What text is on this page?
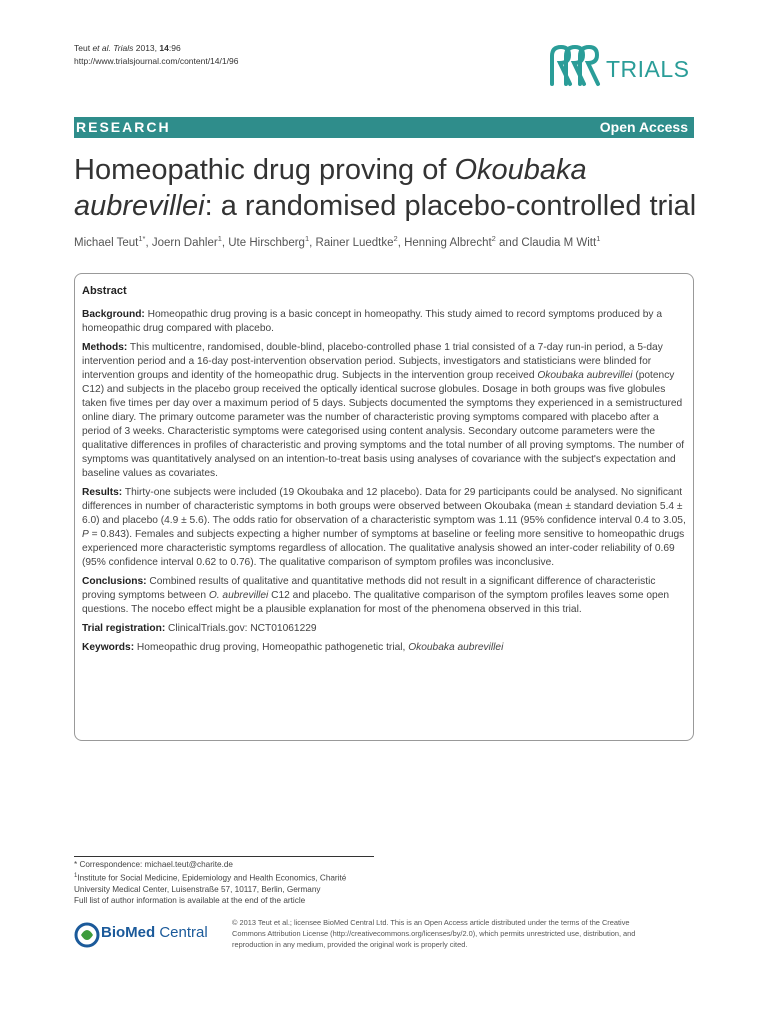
Teut et al. Trials 2013, 14:96
http://www.trialsjournal.com/content/14/1/96	TRIALS
RESEARCH	Open Access
Homeopathic drug proving of Okoubaka aubrevillei: a randomised placebo-controlled trial
Michael Teut$^{1*}$, Joern Dahler$^1$, Ute Hirschberg$^1$, Rainer Luedtke$^2$, Henning Albrecht$^2$ and Claudia M Witt$^1$
Abstract

Background: Homeopathic drug proving is a basic concept in homeopathy. This study aimed to record symptoms produced by a homeopathic drug compared with placebo.

Methods: This multicentre, randomised, double-blind, placebo-controlled phase 1 trial consisted of a 7-day run-in period, a 5-day intervention period and a 16-day post-intervention observation period. Subjects, investigators and statisticians were blinded for intervention groups and identity of the homeopathic drug. Subjects in the intervention group received Okoubaka aubrevillei (potency C12) and subjects in the placebo group received the optically identical sucrose globules. Dosage in both groups was five globules taken five times per day over a maximum period of 5 days. Subjects documented the symptoms they experienced in a semistructured online diary. The primary outcome parameter was the number of characteristic proving symptoms compared with placebo after a period of 3 weeks. Characteristic symptoms were categorised using content analysis. Secondary outcome parameters were the qualitative differences in profiles of characteristic and proving symptoms and the total number of all proving symptoms. The number of symptoms was quantitatively analysed on an intention-to-treat basis using analyses of covariance with the subject's expectation and baseline values as covariates.

Results: Thirty-one subjects were included (19 Okoubaka and 12 placebo). Data for 29 participants could be analysed. No significant differences in number of characteristic symptoms in both groups were observed between Okoubaka (mean ± standard deviation 5.4 ± 6.0) and placebo (4.9 ± 5.6). The odds ratio for observation of a characteristic symptom was 1.11 (95% confidence interval 0.4 to 3.05, P = 0.843). Females and subjects expecting a higher number of symptoms at baseline or feeling more sensitive to homeopathic drugs experienced more characteristic symptoms regardless of allocation. The qualitative analysis showed an inter-coder reliability of 0.69 (95% confidence interval 0.62 to 0.76). The qualitative comparison of symptom profiles was inconclusive.

Conclusions: Combined results of qualitative and quantitative methods did not result in a significant difference of characteristic proving symptoms between O. aubrevillei C12 and placebo. The qualitative comparison of the symptom profiles leaves some open questions. The nocebo effect might be a plausible explanation for most of the phenomena observed in this trial.

Trial registration: ClinicalTrials.gov: NCT01061229

Keywords: Homeopathic drug proving, Homeopathic pathogenetic trial, Okoubaka aubrevillei

* Correspondence: michael.teut@charite.de
$^1$Institute for Social Medicine, Epidemiology and Health Economics, Charité
University Medical Center, Luisenstraße 57, 10117, Berlin, Germany
Full list of author information is available at the end of the article
BioMed Central
© 2013 Teut et al.; licensee BioMed Central Ltd. This is an Open Access article distributed under the terms of the Creative
Commons Attribution License (http://creativecommons.org/licenses/by/2.0), which permits unrestricted use, distribution, and
reproduction in any medium, provided the original work is properly cited.
